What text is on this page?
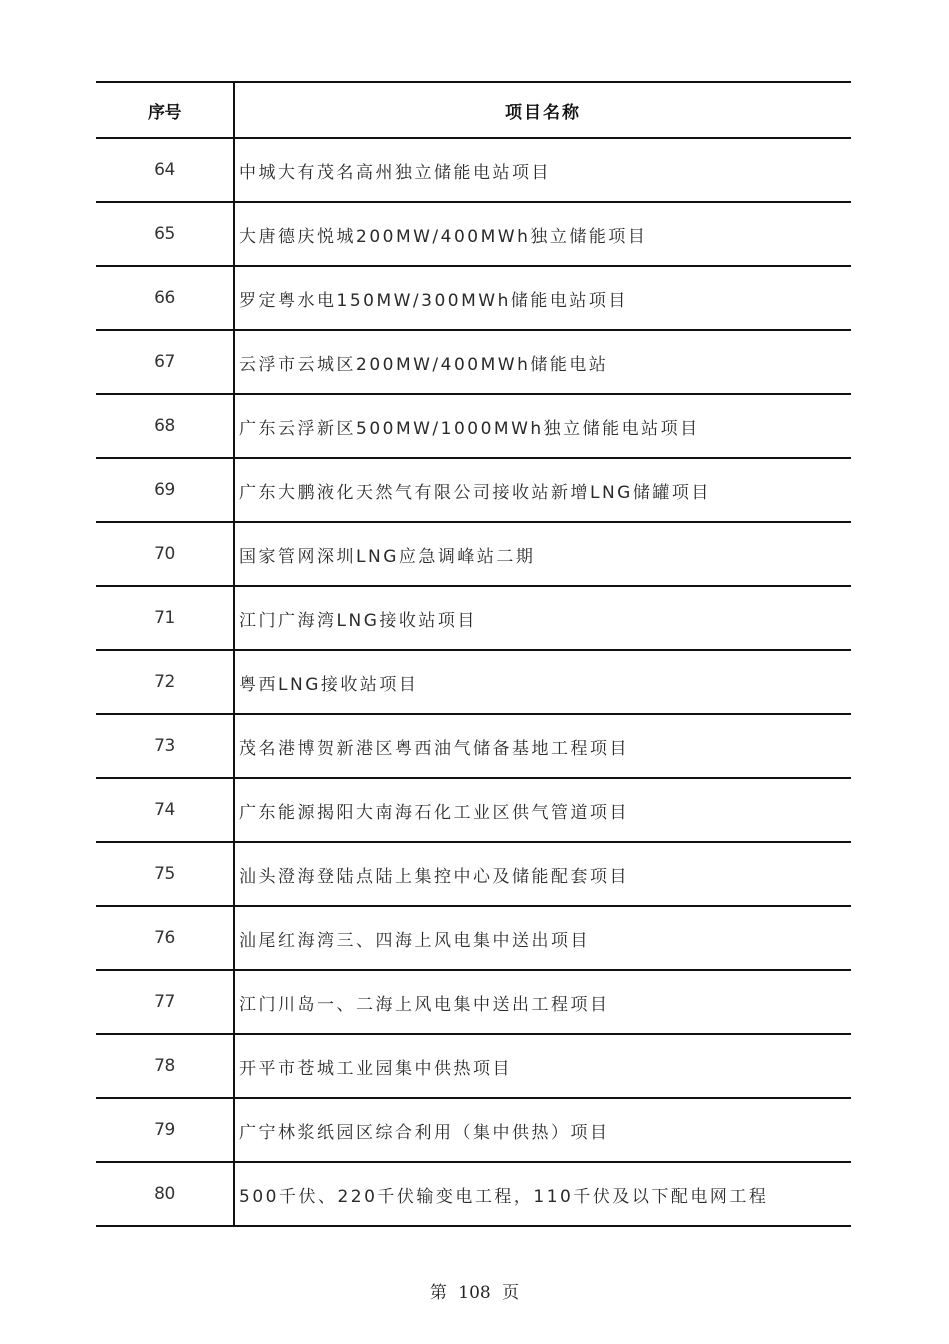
序号	项目名称
64	中城大有茂名高州独立储能电站项目
65	大唐德庆悦城200MW/400MWh独立储能项目
66	罗定粤水电150MW/300MWh储能电站项目
67	云浮市云城区200MW/400MWh储能电站
68	广东云浮新区500MW/1000MWh独立储能电站项目
69	广东大鹏液化天然气有限公司接收站新增LNG储罐项目
70	国家管网深圳LNG应急调峰站二期
71	江门广海湾LNG接收站项目
72	粤西LNG接收站项目
73	茂名港博贺新港区粤西油气储备基地工程项目
74	广东能源揭阳大南海石化工业区供气管道项目
75	汕头澄海登陆点陆上集控中心及储能配套项目
76	汕尾红海湾三、四海上风电集中送出项目
77	江门川岛一、二海上风电集中送出工程项目
78	开平市苍城工业园集中供热项目
79	广宁林浆纸园区综合利用（集中供热）项目
80	500千伏、220千伏输变电工程，110千伏及以下配电网工程
第 108 页
